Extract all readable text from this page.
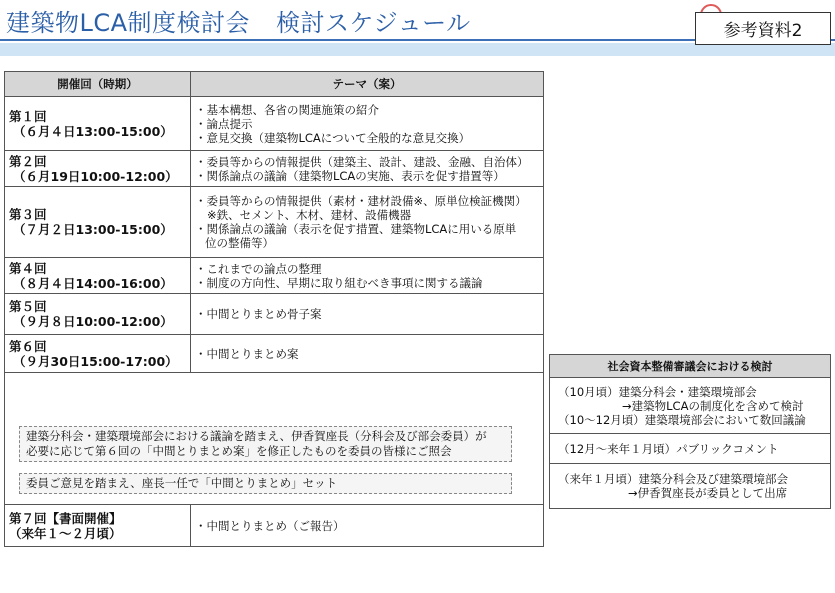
建築物LCA制度検討会 検討スケジュール	参考資料2
開催回（時期）	テーマ（案）
第１回
（６月４日13:00-15:00）	・基本構想、各省の関連施策の紹介
・論点提示
・意見交換（建築物LCAについて全般的な意見交換）

第２回
（６月19日10:00-12:00）	・委員等からの情報提供（建築主、設計、建設、金融、自治体）
・関係論点の議論（建築物LCAの実施、表示を促す措置等）

第３回
（７月２日13:00-15:00）	・委員等からの情報提供（素材・建材設備※、原単位検証機関）
※鉄、セメント、木材、建材、設備機器
・関係論点の議論（表示を促す措置、建築物LCAに用いる原単
位の整備等）

第４回
（８月４日14:00-16:00）	・これまでの論点の整理
・制度の方向性、早期に取り組むべき事項に関する議論

第５回
（９月８日10:00-12:00）	・中間とりまとめ骨子案

第６回
（９月30日15:00-17:00）	・中間とりまとめ案

建築分科会・建築環境部会における議論を踏まえ、伊香賀座長（分科会及び部会委員）が
必要に応じて第６回の「中間とりまとめ案」を修正したものを委員の皆様にご照会
委員ご意見を踏まえ、座長一任で「中間とりまとめ」セット	

第７回【書面開催】
（来年１～２月頃）	・中間とりまとめ（ご報告）
社会資本整備審議会における検討

（10月頃）建築分科会・建築環境部会
→建築物LCAの制度化を含めて検討
（10～12月頃）建築環境部会において数回議論

（12月～来年１月頃）パブリックコメント

（来年１月頃）建築分科会及び建築環境部会
→伊香賀座長が委員として出席
